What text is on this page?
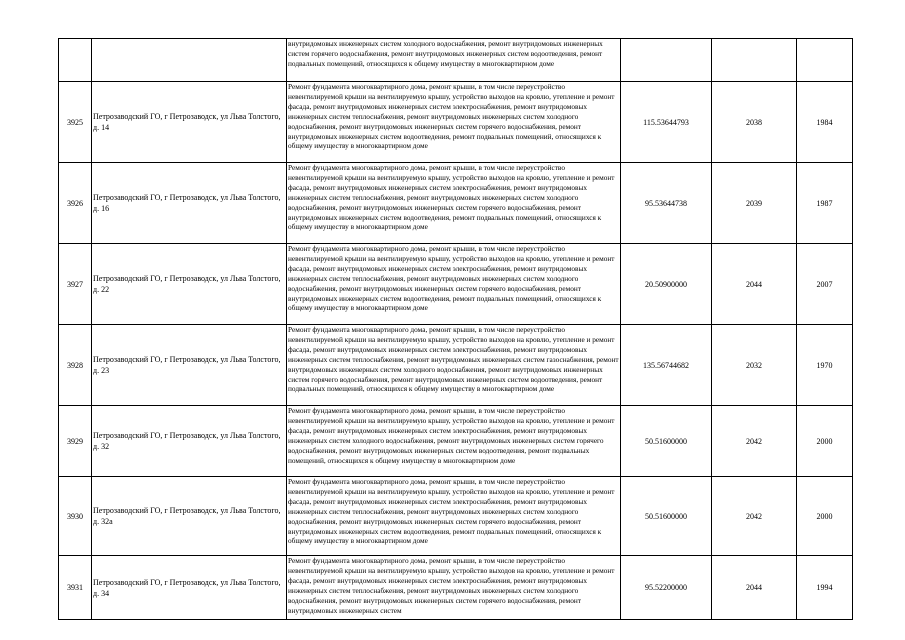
		внутридомовых инженерных систем холодного водоснабжения, ремонт внутридомовых инженерных систем горячего водоснабжения, ремонт внутридомовых инженерных систем водоотведения, ремонт подвальных помещений, относящихся к общему имуществу в многоквартирном доме			

3925	Петрозаводский ГО, г Петрозаводск, ул Льва Толстого, д. 14	Ремонт фундамента многоквартирного дома, ремонт крыши, в том числе переустройство невентилируемой крыши на вентилируемую крышу, устройство выходов на кровлю, утепление и ремонт фасада, ремонт внутридомовых инженерных систем электроснабжения, ремонт внутридомовых инженерных систем теплоснабжения, ремонт внутридомовых инженерных систем холодного водоснабжения, ремонт внутридомовых инженерных систем горячего водоснабжения, ремонт внутридомовых инженерных систем водоотведения, ремонт подвальных помещений, относящихся к общему имуществу в многоквартирном доме	115.53644793	2038	1984
3926	Петрозаводский ГО, г Петрозаводск, ул Льва Толстого, д. 16	Ремонт фундамента многоквартирного дома, ремонт крыши, в том числе переустройство невентилируемой крыши на вентилируемую крышу, устройство выходов на кровлю, утепление и ремонт фасада, ремонт внутридомовых инженерных систем электроснабжения, ремонт внутридомовых инженерных систем теплоснабжения, ремонт внутридомовых инженерных систем холодного водоснабжения, ремонт внутридомовых инженерных систем горячего водоснабжения, ремонт внутридомовых инженерных систем водоотведения, ремонт подвальных помещений, относящихся к общему имуществу в многоквартирном доме	95.53644738	2039	1987
3927	Петрозаводский ГО, г Петрозаводск, ул Льва Толстого, д. 22	Ремонт фундамента многоквартирного дома, ремонт крыши, в том числе переустройство невентилируемой крыши на вентилируемую крышу, устройство выходов на кровлю, утепление и ремонт фасада, ремонт внутридомовых инженерных систем электроснабжения, ремонт внутридомовых инженерных систем теплоснабжения, ремонт внутридомовых инженерных систем холодного водоснабжения, ремонт внутридомовых инженерных систем горячего водоснабжения, ремонт внутридомовых инженерных систем водоотведения, ремонт подвальных помещений, относящихся к общему имуществу в многоквартирном доме	20.50900000	2044	2007
3928	Петрозаводский ГО, г Петрозаводск, ул Льва Толстого, д. 23	Ремонт фундамента многоквартирного дома, ремонт крыши, в том числе переустройство невентилируемой крыши на вентилируемую крышу, устройство выходов на кровлю, утепление и ремонт фасада, ремонт внутридомовых инженерных систем электроснабжения, ремонт внутридомовых инженерных систем теплоснабжения, ремонт внутридомовых инженерных систем газоснабжения, ремонт внутридомовых инженерных систем холодного водоснабжения, ремонт внутридомовых инженерных систем горячего водоснабжения, ремонт внутридомовых инженерных систем водоотведения, ремонт подвальных помещений, относящихся к общему имуществу в многоквартирном доме	135.56744682	2032	1970
3929	Петрозаводский ГО, г Петрозаводск, ул Льва Толстого, д. 32	Ремонт фундамента многоквартирного дома, ремонт крыши, в том числе переустройство невентилируемой крыши на вентилируемую крышу, устройство выходов на кровлю, утепление и ремонт фасада, ремонт внутридомовых инженерных систем электроснабжения, ремонт внутридомовых инженерных систем холодного водоснабжения, ремонт внутридомовых инженерных систем горячего водоснабжения, ремонт внутридомовых инженерных систем водоотведения, ремонт подвальных помещений, относящихся к общему имуществу в многоквартирном доме	50.51600000	2042	2000
3930	Петрозаводский ГО, г Петрозаводск, ул Льва Толстого, д. 32а	Ремонт фундамента многоквартирного дома, ремонт крыши, в том числе переустройство невентилируемой крыши на вентилируемую крышу, устройство выходов на кровлю, утепление и ремонт фасада, ремонт внутридомовых инженерных систем электроснабжения, ремонт внутридомовых инженерных систем теплоснабжения, ремонт внутридомовых инженерных систем холодного водоснабжения, ремонт внутридомовых инженерных систем горячего водоснабжения, ремонт внутридомовых инженерных систем водоотведения, ремонт подвальных помещений, относящихся к общему имуществу в многоквартирном доме	50.51600000	2042	2000
3931	Петрозаводский ГО, г Петрозаводск, ул Льва Толстого, д. 34	Ремонт фундамента многоквартирного дома, ремонт крыши, в том числе переустройство невентилируемой крыши на вентилируемую крышу, устройство выходов на кровлю, утепление и ремонт фасада, ремонт внутридомовых инженерных систем электроснабжения, ремонт внутридомовых инженерных систем теплоснабжения, ремонт внутридомовых инженерных систем холодного водоснабжения, ремонт внутридомовых инженерных систем горячего водоснабжения, ремонт внутридомовых инженерных систем	95.52200000	2044	1994
